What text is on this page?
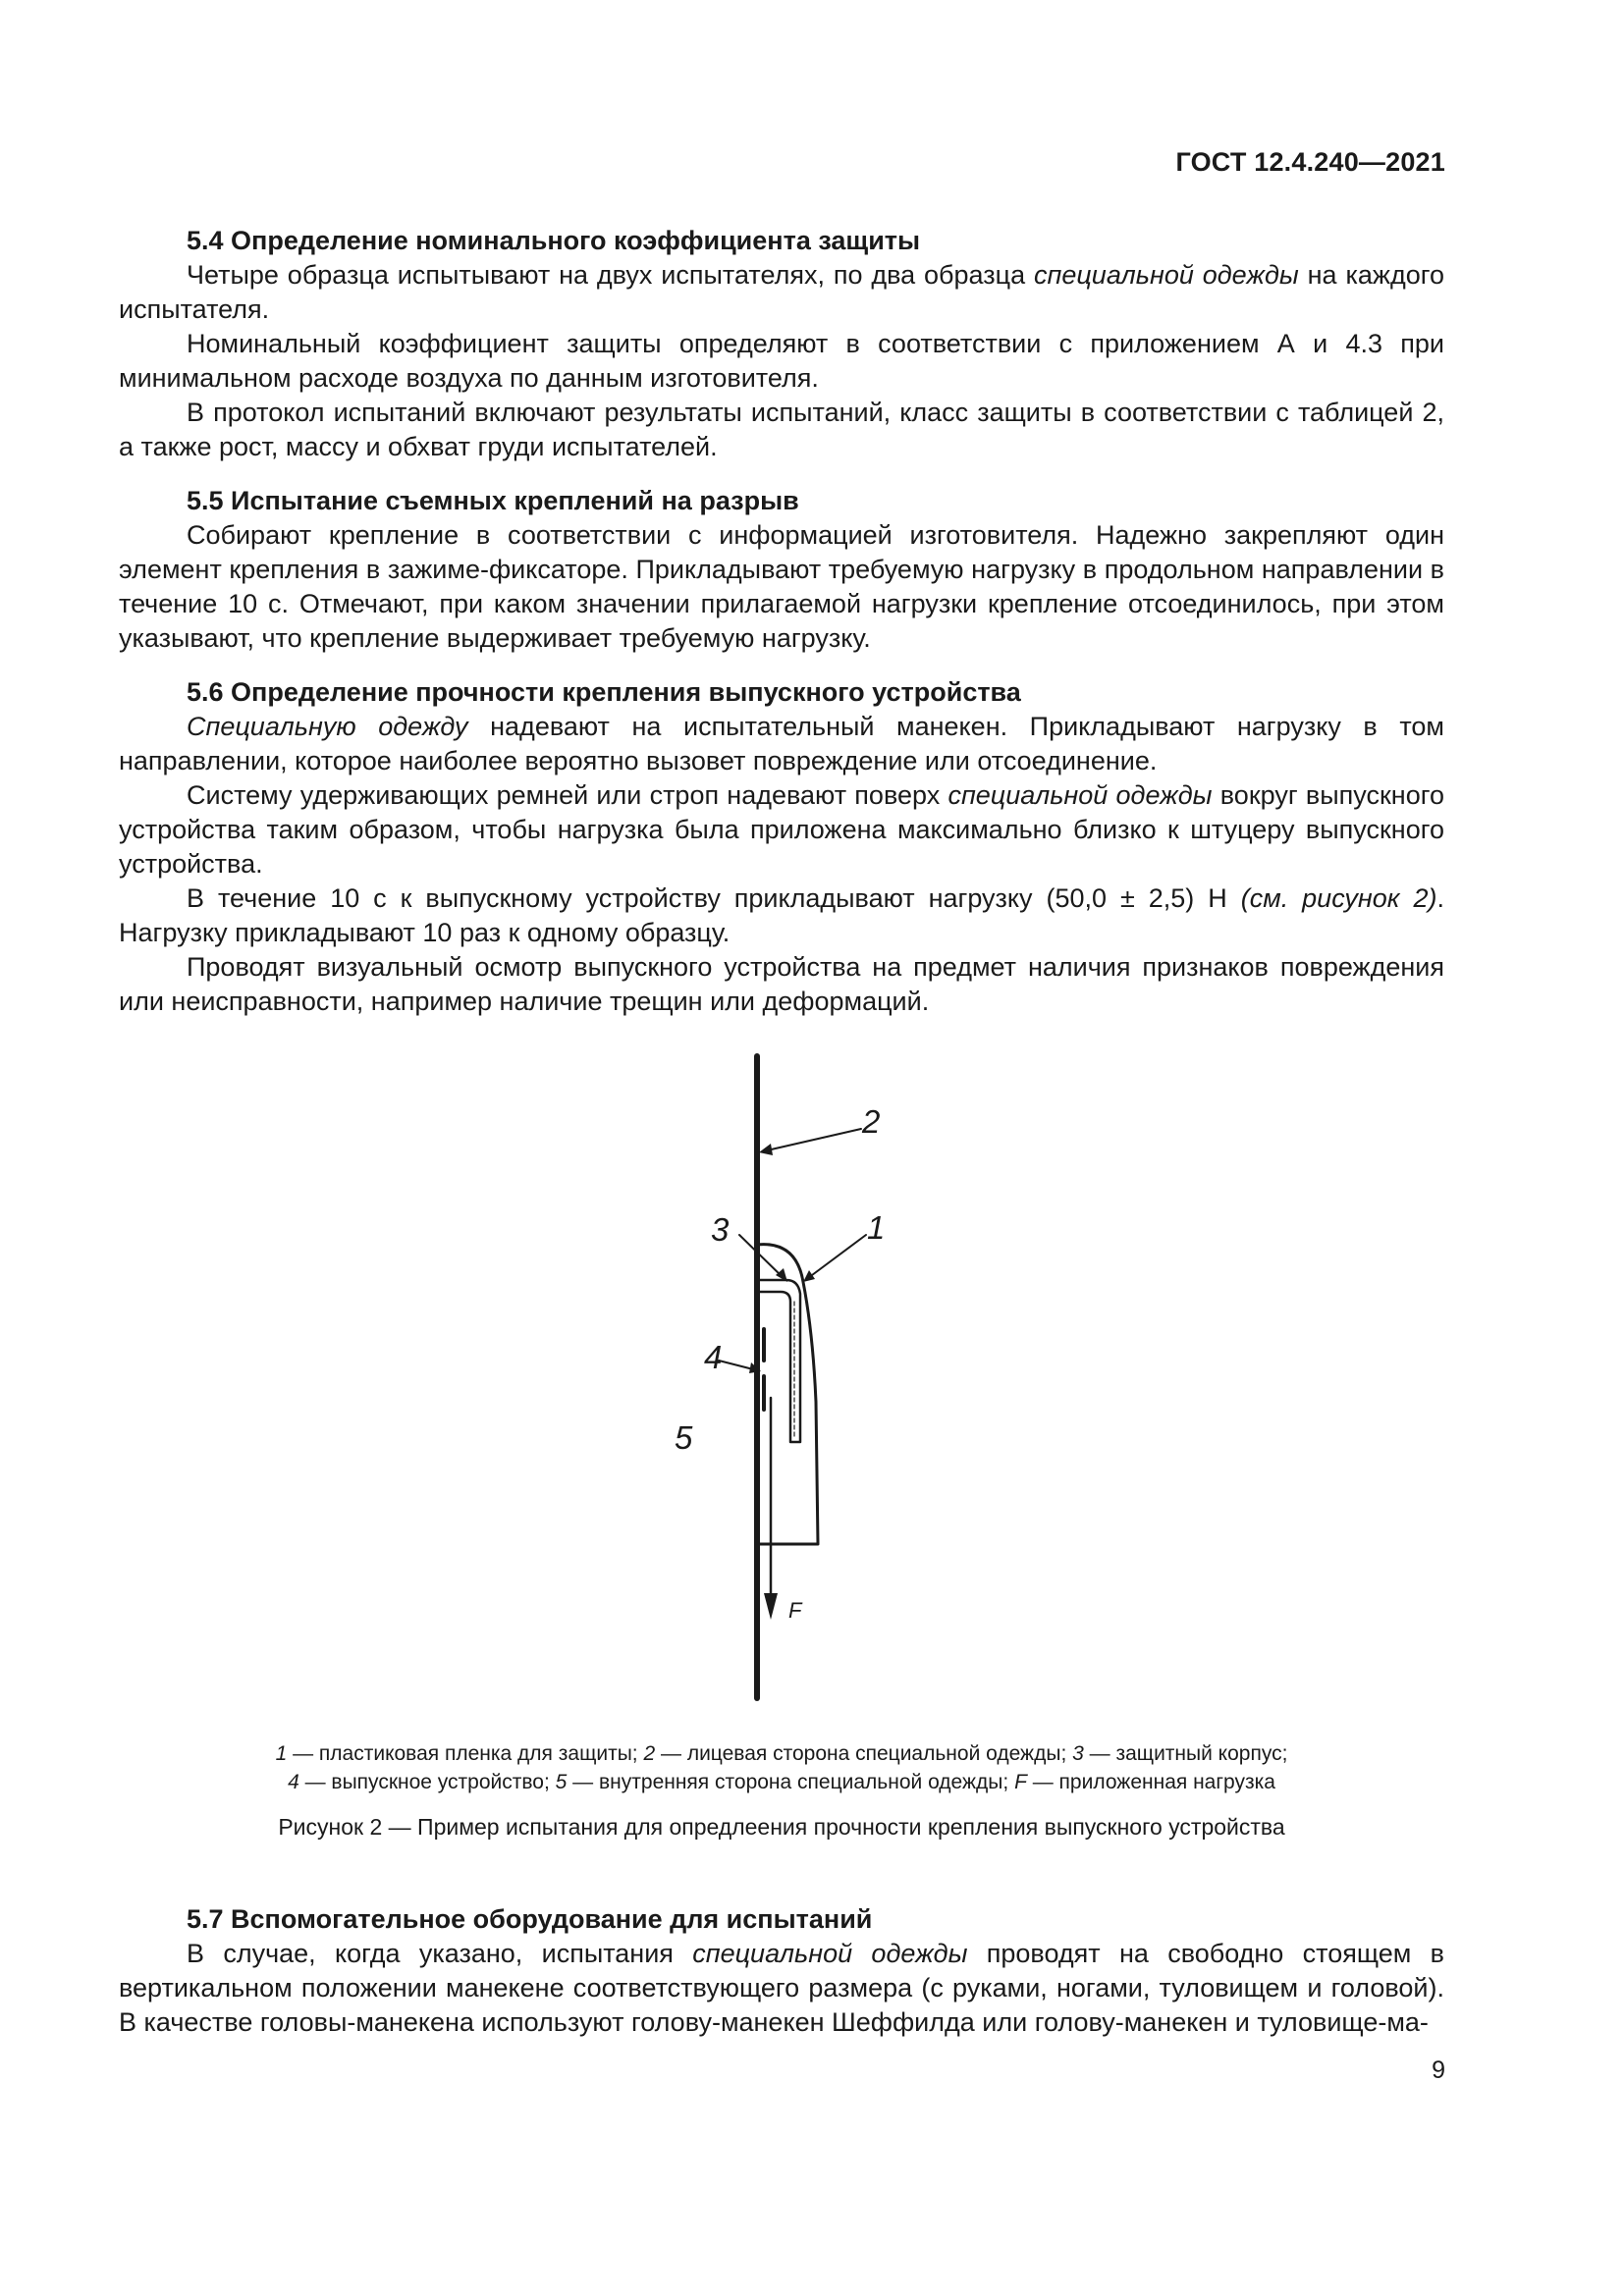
ГОСТ 12.4.240—2021

5.4 Определение номинального коэффициента защиты

Четыре образца испытывают на двух испытателях, по два образца специальной одежды на каждого испытателя.

Номинальный коэффициент защиты определяют в соответствии с приложением А и 4.3 при минимальном расходе воздуха по данным изготовителя.

В протокол испытаний включают результаты испытаний, класс защиты в соответствии с таблицей 2, а также рост, массу и обхват груди испытателей.

5.5 Испытание съемных креплений на разрыв

Собирают крепление в соответствии с информацией изготовителя. Надежно закрепляют один элемент крепления в зажиме-фиксаторе. Прикладывают требуемую нагрузку в продольном направлении в течение 10 с. Отмечают, при каком значении прилагаемой нагрузки крепление отсоединилось, при этом указывают, что крепление выдерживает требуемую нагрузку.

5.6 Определение прочности крепления выпускного устройства

Специальную одежду надевают на испытательный манекен. Прикладывают нагрузку в том направлении, которое наиболее вероятно вызовет повреждение или отсоединение.

Систему удерживающих ремней или строп надевают поверх специальной одежды вокруг выпускного устройства таким образом, чтобы нагрузка была приложена максимально близко к штуцеру выпускного устройства.

В течение 10 с к выпускному устройству прикладывают нагрузку (50,0 ± 2,5) Н (см. рисунок 2). Нагрузку прикладывают 10 раз к одному образцу.

Проводят визуальный осмотр выпускного устройства на предмет наличия признаков повреждения или неисправности, например наличие трещин или деформаций.

2
1
3
4
5
F
1 — пластиковая пленка для защиты; 2 — лицевая сторона специальной одежды; 3 — защитный корпус;
4 — выпускное устройство; 5 — внутренняя сторона специальной одежды; F — приложенная нагрузка
Рисунок 2 — Пример испытания для опредлеения прочности крепления выпускного устройства

5.7 Вспомогательное оборудование для испытаний

В случае, когда указано, испытания специальной одежды проводят на свободно стоящем в вертикальном положении манекене соответствующего размера (с руками, ногами, туловищем и головой). В качестве головы-манекена используют голову-манекен Шеффилда или голову-манекен и туловище-ма-

9
